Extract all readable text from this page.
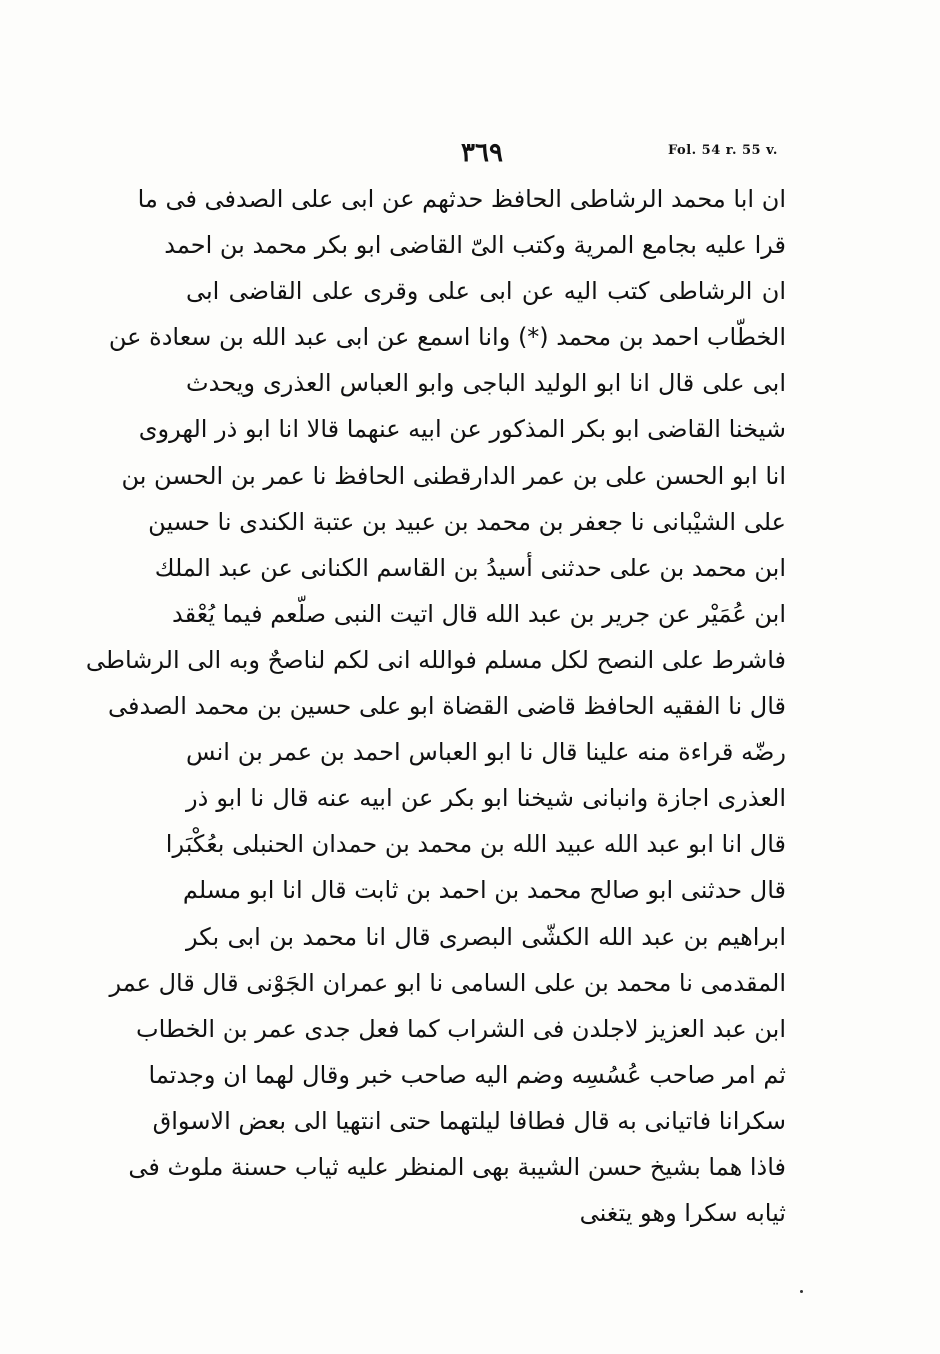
٣٦٩	Fol. 54 r. 55 v.
ان ابا محمد الرشاطى الحافظ حدثهم عن ابى على الصدفى فى ما
قرا عليه بجامع المرية وكتب الىّ القاضى ابو بكر محمد بن احمد
ان الرشاطى كتب اليه عن ابى على وقرى على القاضى ابى
الخطّاب احمد بن محمد (*) وانا اسمع عن ابى عبد الله بن سعادة عن
ابى على قال انا ابو الوليد الباجى وابو العباس العذرى ويحدث
شيخنا القاضى ابو بكر المذكور عن ابيه عنهما قالا انا ابو ذر الهروى
انا ابو الحسن على بن عمر الدارقطنى الحافظ نا عمر بن الحسن بن
على الشيْبانى نا جعفر بن محمد بن عبيد بن عتبة الكندى نا حسين
ابن محمد بن على حدثنى أسيدُ بن القاسم الكنانى عن عبد الملك
ابن عُمَيْر عن جرير بن عبد الله قال اتيت النبى صلّعم فيما يُعْقد
فاشرط على النصح لكل مسلم فوالله انى لكم لناصحٌ وبه الى الرشاطى
قال نا الفقيه الحافظ قاضى القضاة ابو على حسين بن محمد الصدفى
رضّه قراءة منه علينا قال نا ابو العباس احمد بن عمر بن انس
العذرى اجازة وانبانى شيخنا ابو بكر عن ابيه عنه قال نا ابو ذر
قال انا ابو عبد الله عبيد الله بن محمد بن حمدان الحنبلى بعُكْبَرا
قال حدثنى ابو صالح محمد بن احمد بن ثابت قال انا ابو مسلم
ابراهيم بن عبد الله الكشّى البصرى قال انا محمد بن ابى بكر
المقدمى نا محمد بن على السامى نا ابو عمران الجَوْنى قال قال عمر
ابن عبد العزيز لاجلدن فى الشراب كما فعل جدى عمر بن الخطاب
ثم امر صاحب عُسُسِه وضم اليه صاحب خبر وقال لهما ان وجدتما
سكرانا فاتيانى به قال فطافا ليلتهما حتى انتهيا الى بعض الاسواق
فاذا هما بشيخ حسن الشيبة بهى المنظر عليه ثياب حسنة ملوث فى
ثيابه سكرا وهو يتغنى
